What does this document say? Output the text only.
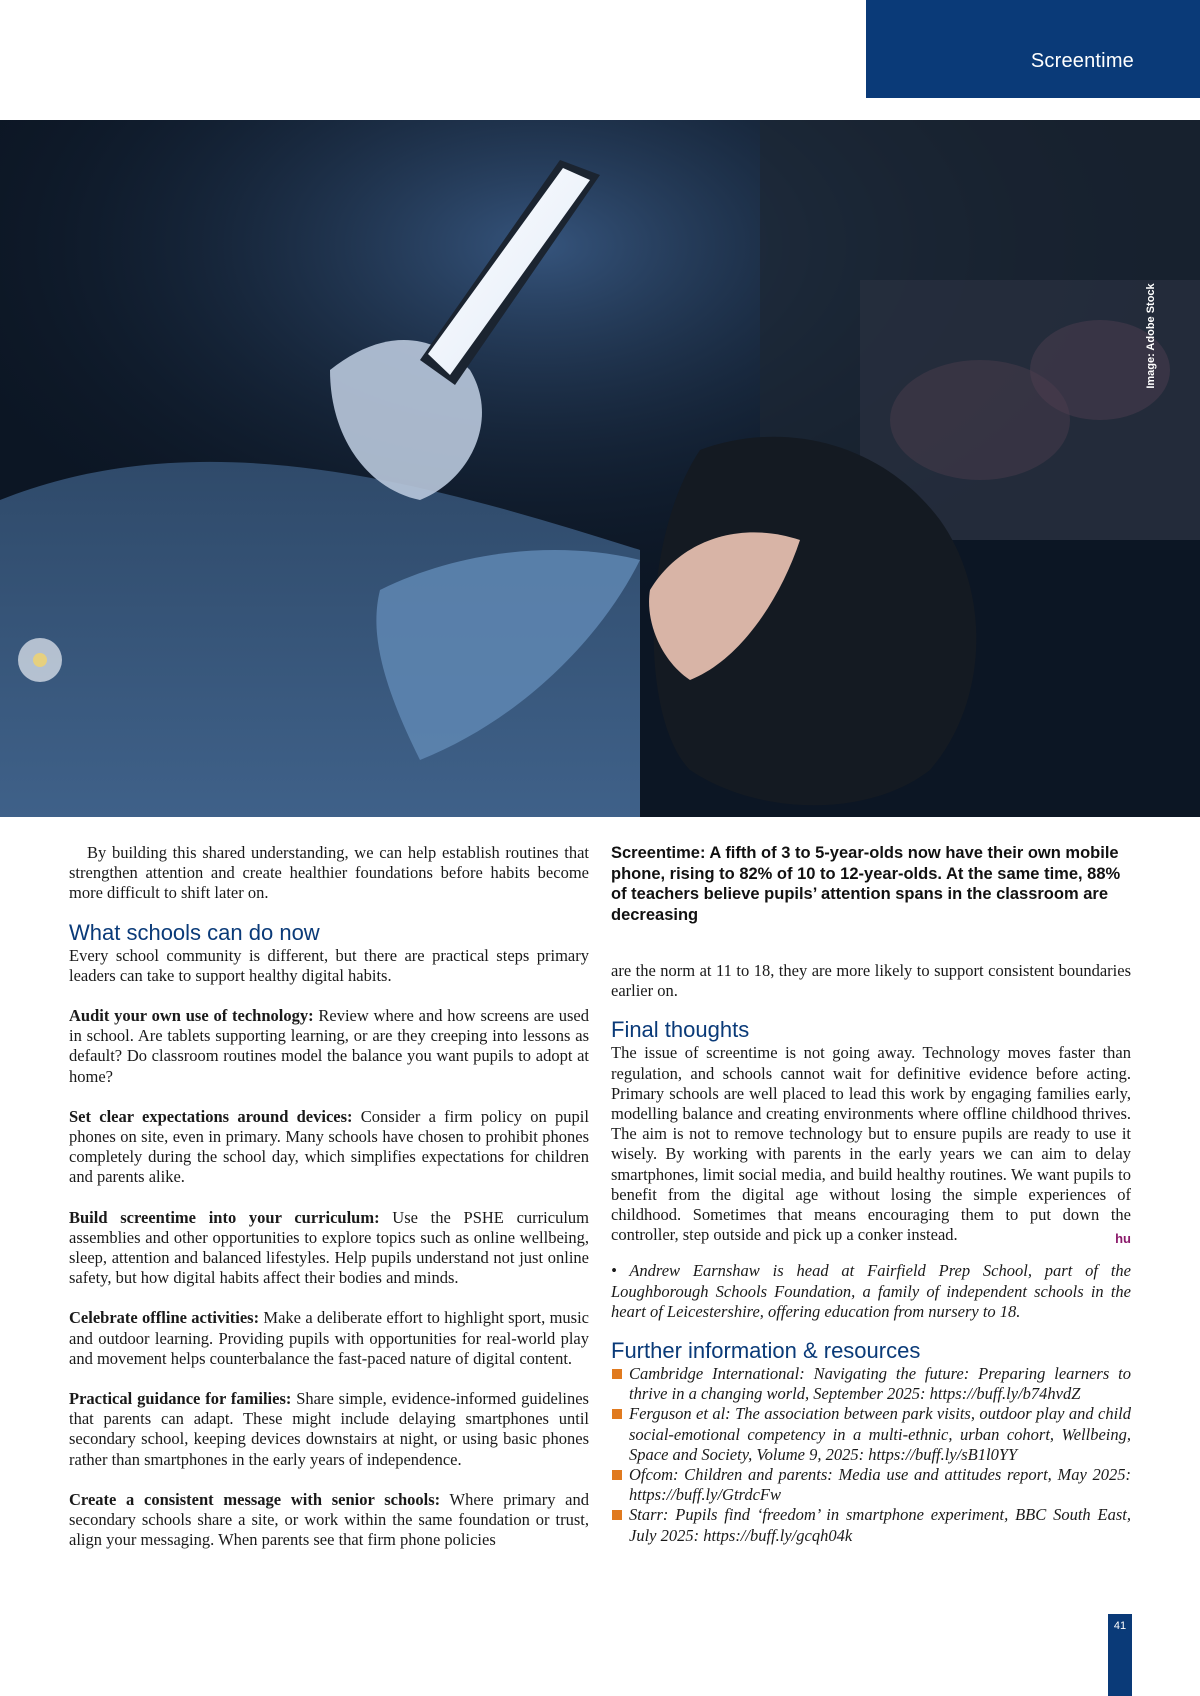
Screentime
Image: Adobe Stock

By building this shared understanding, we can help establish routines that strengthen attention and create healthier foundations before habits become more difficult to shift later on.

What schools can do now

Every school community is different, but there are practical steps primary leaders can take to support healthy digital habits.

Audit your own use of technology: Review where and how screens are used in school. Are tablets supporting learning, or are they creeping into lessons as default? Do classroom routines model the balance you want pupils to adopt at home?

Set clear expectations around devices: Consider a firm policy on pupil phones on site, even in primary. Many schools have chosen to prohibit phones completely during the school day, which simplifies expectations for children and parents alike.

Build screentime into your curriculum: Use the PSHE curriculum assemblies and other opportunities to explore topics such as online wellbeing, sleep, attention and balanced lifestyles. Help pupils understand not just online safety, but how digital habits affect their bodies and minds.

Celebrate offline activities: Make a deliberate effort to highlight sport, music and outdoor learning. Providing pupils with opportunities for real-world play and movement helps counterbalance the fast-paced nature of digital content.

Practical guidance for families: Share simple, evidence-informed guidelines that parents can adapt. These might include delaying smartphones until secondary school, keeping devices downstairs at night, or using basic phones rather than smartphones in the early years of independence.

Create a consistent message with senior schools: Where primary and secondary schools share a site, or work within the same foundation or trust, align your messaging. When parents see that firm phone policies

Screentime: A fifth of 3 to 5-year-olds now have their own mobile phone, rising to 82% of 10 to 12-year-olds. At the same time, 88% of teachers believe pupils’ attention spans in the classroom are decreasing

are the norm at 11 to 18, they are more likely to support consistent boundaries earlier on.

Final thoughts

The issue of screentime is not going away. Technology moves faster than regulation, and schools cannot wait for definitive evidence before acting. Primary schools are well placed to lead this work by engaging families early, modelling balance and creating environments where offline childhood thrives. The aim is not to remove technology but to ensure pupils are ready to use it wisely. By working with parents in the early years we can aim to delay smartphones, limit social media, and build healthy routines. We want pupils to benefit from the digital age without losing the simple experiences of childhood. Sometimes that means encouraging them to put down the controller, step outside and pick up a conker instead.	hu

• Andrew Earnshaw is head at Fairfield Prep School, part of the Loughborough Schools Foundation, a family of independent schools in the heart of Leicestershire, offering education from nursery to 18.

Further information & resources
Cambridge International: Navigating the future: Preparing learners to thrive in a changing world, September 2025: https://buff.ly/b74hvdZ
Ferguson et al: The association between park visits, outdoor play and child social-emotional competency in a multi-ethnic, urban cohort, Wellbeing, Space and Society, Volume 9, 2025: https://buff.ly/sB1l0YY
Ofcom: Children and parents: Media use and attitudes report, May 2025: https://buff.ly/GtrdcFw
Starr: Pupils find ‘freedom’ in smartphone experiment, BBC South East, July 2025: https://buff.ly/gcqh04k
41
